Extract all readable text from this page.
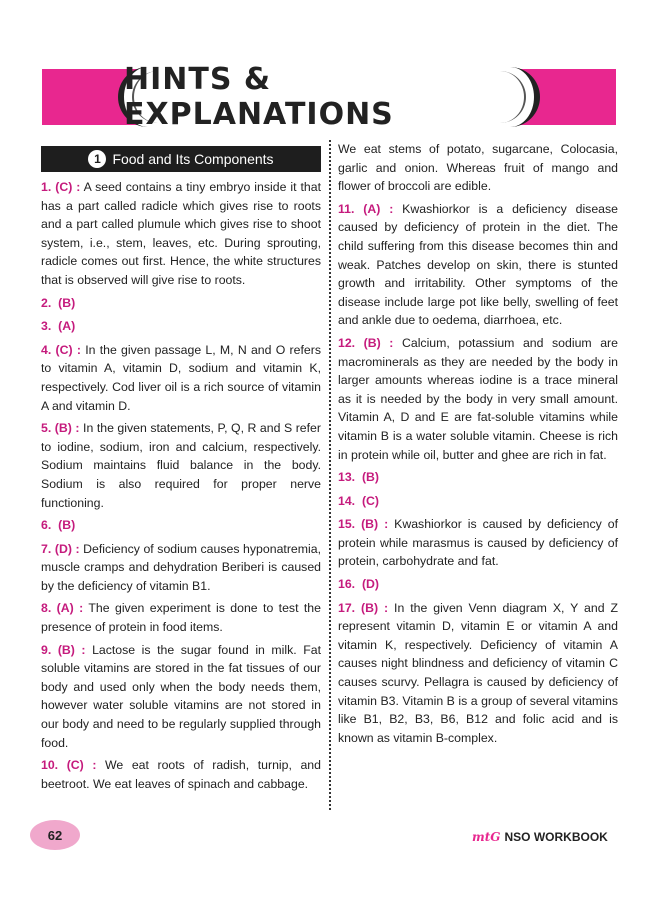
HINTS & EXPLANATIONS
1 Food and Its Components

1. (C) : A seed contains a tiny embryo inside it that has a part called radicle which gives rise to roots and a part called plumule which gives rise to shoot system, i.e., stem, leaves, etc. During sprouting, radicle comes out first. Hence, the white structures that is observed will give rise to roots.

2. (B)

3. (A)

4. (C) : In the given passage L, M, N and O refers to vitamin A, vitamin D, sodium and vitamin K, respectively. Cod liver oil is a rich source of vitamin A and vitamin D.

5. (B) : In the given statements, P, Q, R and S refer to iodine, sodium, iron and calcium, respectively. Sodium maintains fluid balance in the body. Sodium is also required for proper nerve functioning.

6. (B)

7. (D) : Deficiency of sodium causes hyponatremia, muscle cramps and dehydration Beriberi is caused by the deficiency of vitamin B1.

8. (A) : The given experiment is done to test the presence of protein in food items.

9. (B) : Lactose is the sugar found in milk. Fat soluble vitamins are stored in the fat tissues of our body and used only when the body needs them, however water soluble vitamins are not stored in our body and need to be regularly supplied through food.

10. (C) : We eat roots of radish, turnip, and beetroot. We eat leaves of spinach and cabbage.

We eat stems of potato, sugarcane, Colocasia, garlic and onion. Whereas fruit of mango and flower of broccoli are edible.

11. (A) : Kwashiorkor is a deficiency disease caused by deficiency of protein in the diet. The child suffering from this disease becomes thin and weak. Patches develop on skin, there is stunted growth and irritability. Other symptoms of the disease include large pot like belly, swelling of feet and ankle due to oedema, diarrhoea, etc.

12. (B) : Calcium, potassium and sodium are macrominerals as they are needed by the body in larger amounts whereas iodine is a trace mineral as it is needed by the body in very small amount. Vitamin A, D and E are fat-soluble vitamins while vitamin B is a water soluble vitamin. Cheese is rich in protein while oil, butter and ghee are rich in fat.

13. (B)

14. (C)

15. (B) : Kwashiorkor is caused by deficiency of protein while marasmus is caused by deficiency of protein, carbohydrate and fat.

16. (D)

17. (B) : In the given Venn diagram X, Y and Z represent vitamin D, vitamin E or vitamin A and vitamin K, respectively. Deficiency of vitamin A causes night blindness and deficiency of vitamin C causes scurvy. Pellagra is caused by deficiency of vitamin B3. Vitamin B is a group of several vitamins like B1, B2, B3, B6, B12 and folic acid and is known as vitamin B-complex.

62	mtG NSO WORKBOOK
